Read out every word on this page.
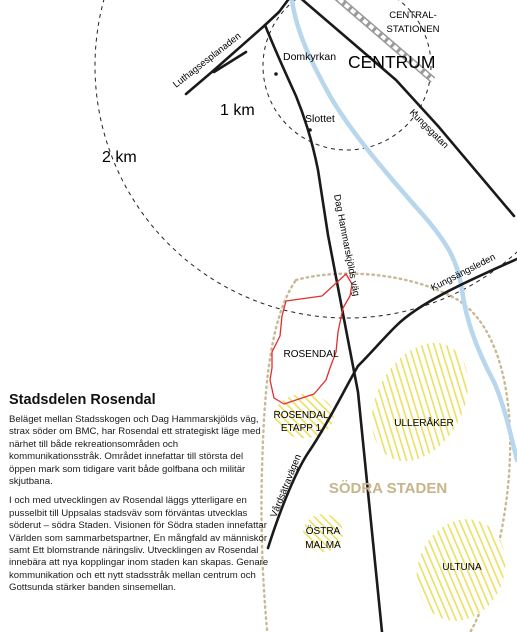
Domkyrkan
Slottet
CENTRUM
CENTRAL-
STATIONEN
1 km
2 km
ROSENDAL
ROSENDAL
ETAPP 1	ULLERÅKER
SÖDRA STADEN
ÖSTRA
MALMA
ULTUNA
Luthagsesplanaden
Kungsgatan
Dag Hammarskjölds väg	Kungsängsleden
Vårdsätravägen
Stadsdelen Rosendal

Beläget mellan Stadsskogen och Dag Hammarskjölds väg, strax söder om BMC, har Rosendal ett strategiskt läge med närhet till både rekreationsområden och kommunikationsstråk. Området innefattar till största del öppen mark som tidigare varit både golfbana och militär skjutbana.

I och med utvecklingen av Rosendal läggs ytterligare en pusselbit till Uppsalas stadsväv som förväntas utvecklas söderut – södra Staden. Visionen för Södra staden innefattar Världen som sammarbetspartner, En mångfald av människor samt Ett blomstrande näringsliv. Utvecklingen av Rosendal innebära att nya kopplingar inom staden kan skapas. Genare kommunikation och ett nytt stadsstråk mellan centrum och Gottsunda stärker banden sinsemellan.
